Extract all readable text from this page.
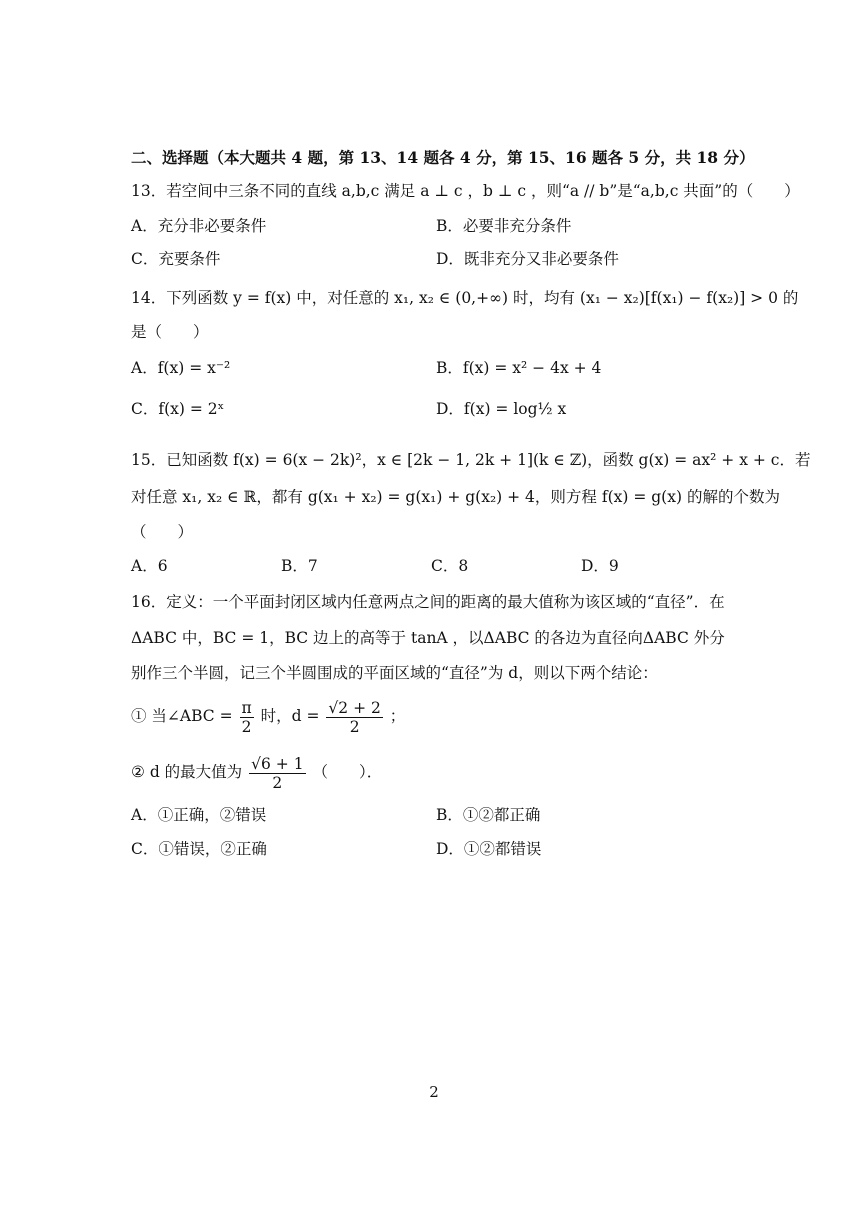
二、选择题（本大题共 4 题，第 13、14 题各 4 分，第 15、16 题各 5 分，共 18 分）
13．若空间中三条不同的直线 a,b,c 满足 a ⊥ c ，b ⊥ c ，则“a // b”是“a,b,c 共面”的（　　）
A．充分非必要条件	B．必要非充分条件
C．充要条件	D．既非充分又非必要条件
14．下列函数 y = f(x) 中，对任意的 x₁, x₂ ∈ (0,+∞) 时，均有 (x₁ − x₂)[f(x₁) − f(x₂)] > 0 的
是（　　）
A．f(x) = x⁻²	B．f(x) = x² − 4x + 4
C．f(x) = 2ˣ	D．f(x) = log½ x
15．已知函数 f(x) = 6(x − 2k)²，x ∈ [2k − 1, 2k + 1](k ∈ ℤ)，函数 g(x) = ax² + x + c．若
对任意 x₁, x₂ ∈ ℝ，都有 g(x₁ + x₂) = g(x₁) + g(x₂) + 4，则方程 f(x) = g(x) 的解的个数为
（　　）
A．6	B．7	C．8	D．9
16．定义：一个平面封闭区域内任意两点之间的距离的最大值称为该区域的“直径”．在
ΔABC 中，BC = 1，BC 边上的高等于 tanA ，以ΔABC 的各边为直径向ΔABC 外分
别作三个半圆，记三个半圆围成的平面区域的“直径”为 d，则以下两个结论：
① 当∠ABC = $\frac{\pi}{2}$ 时，$d = \frac{√2 + 2}{2}$ ；
② d 的最大值为 $\frac{√6 + 1}{2}$ （　　）．
A．①正确，②错误	B．①②都正确
C．①错误，②正确	D．①②都错误
2
